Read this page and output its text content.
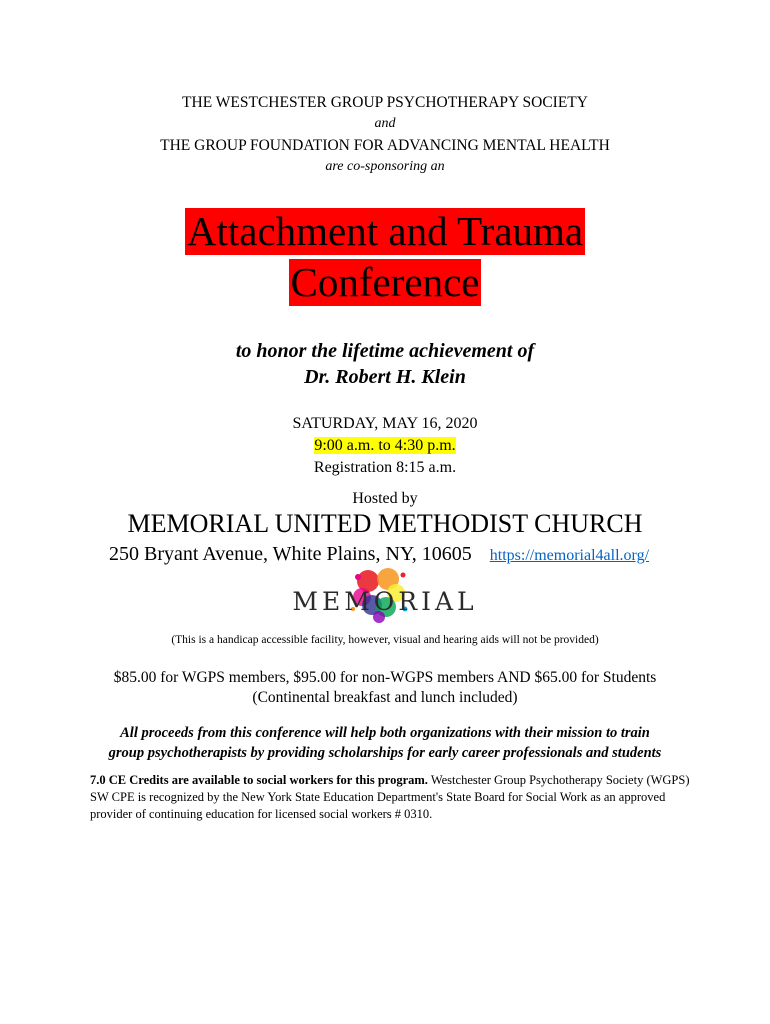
THE WESTCHESTER GROUP PSYCHOTHERAPY SOCIETY
and
THE GROUP FOUNDATION FOR ADVANCING MENTAL HEALTH
are co-sponsoring an
Attachment and Trauma
Conference
to honor the lifetime achievement of
Dr. Robert H. Klein
SATURDAY, MAY 16, 2020
9:00 a.m. to 4:30 p.m.
Registration 8:15 a.m.
Hosted by
MEMORIAL UNITED METHODIST CHURCH
250 Bryant Avenue, White Plains, NY, 10605 https://memorial4all.org/
MEMORIAL
(This is a handicap accessible facility, however, visual and hearing aids will not be provided)
$85.00 for WGPS members, $95.00 for non-WGPS members AND $65.00 for Students
(Continental breakfast and lunch included)
All proceeds from this conference will help both organizations with their mission to train
group psychotherapists by providing scholarships for early career professionals and students
7.0 CE Credits are available to social workers for this program. Westchester Group Psychotherapy Society (WGPS) SW CPE is recognized by the New York State Education Department's State Board for Social Work as an approved provider of continuing education for licensed social workers # 0310.
